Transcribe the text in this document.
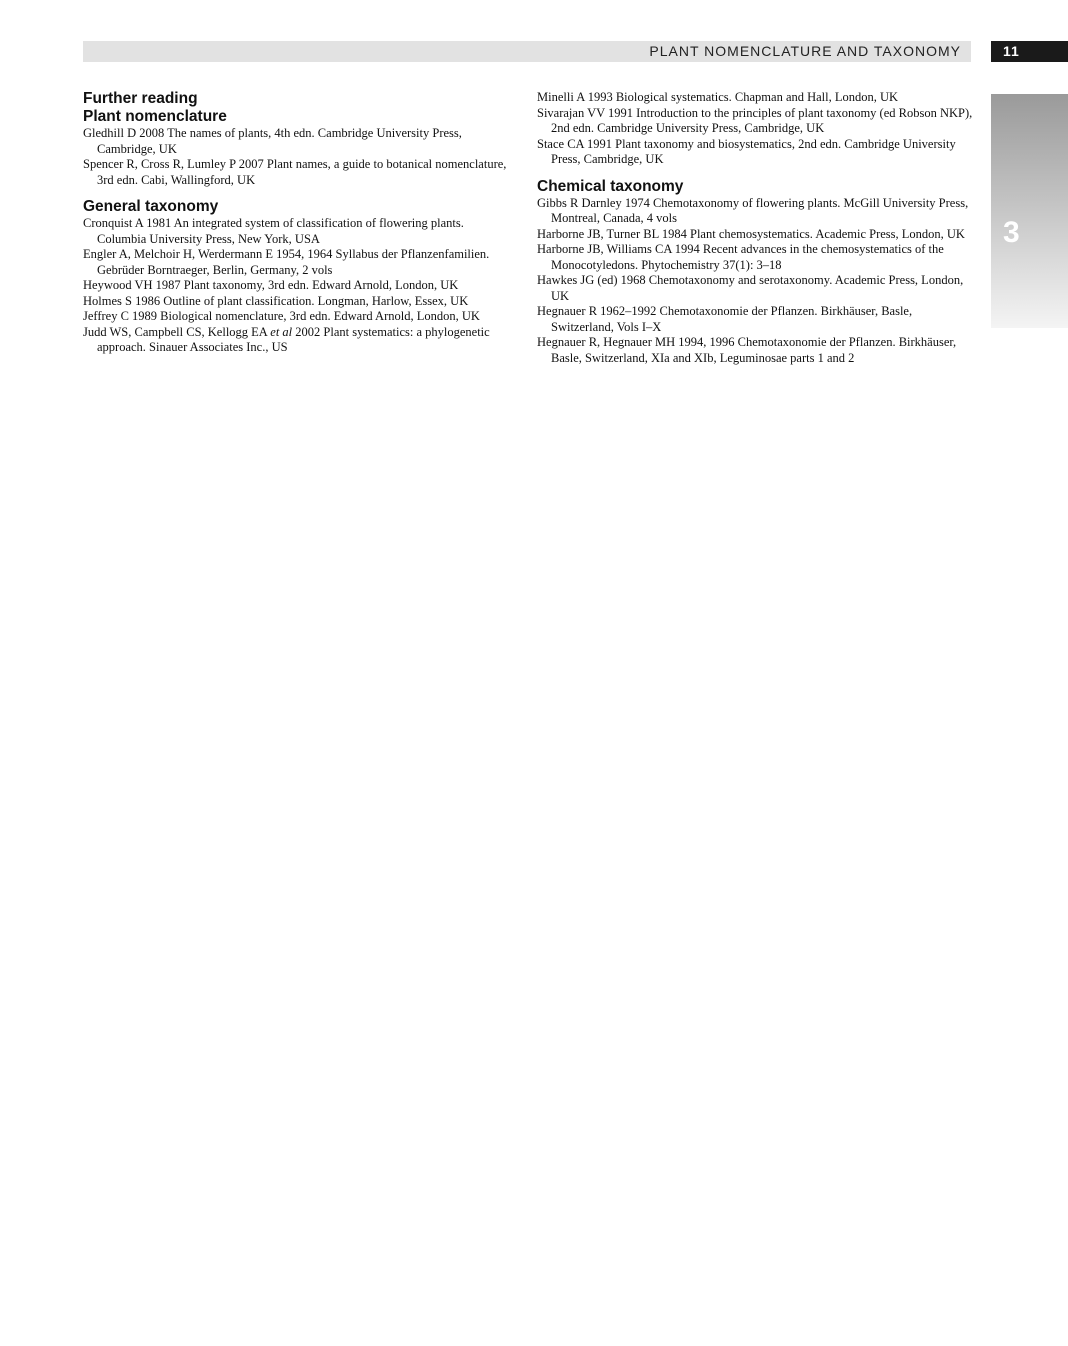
PLANT NOMENCLATURE AND TAXONOMY	11
3
Further reading
Plant nomenclature
Gledhill D 2008 The names of plants, 4th edn. Cambridge University Press, Cambridge, UK
Spencer R, Cross R, Lumley P 2007 Plant names, a guide to botanical nomenclature, 3rd edn. Cabi, Wallingford, UK
General taxonomy
Cronquist A 1981 An integrated system of classification of flowering plants. Columbia University Press, New York, USA
Engler A, Melchoir H, Werdermann E 1954, 1964 Syllabus der Pflanzenfamilien. Gebrüder Borntraeger, Berlin, Germany, 2 vols
Heywood VH 1987 Plant taxonomy, 3rd edn. Edward Arnold, London, UK
Holmes S 1986 Outline of plant classification. Longman, Harlow, Essex, UK
Jeffrey C 1989 Biological nomenclature, 3rd edn. Edward Arnold, London, UK
Judd WS, Campbell CS, Kellogg EA et al 2002 Plant systematics: a phylogenetic approach. Sinauer Associates Inc., US
Minelli A 1993 Biological systematics. Chapman and Hall, London, UK
Sivarajan VV 1991 Introduction to the principles of plant taxonomy (ed Robson NKP), 2nd edn. Cambridge University Press, Cambridge, UK
Stace CA 1991 Plant taxonomy and biosystematics, 2nd edn. Cambridge University Press, Cambridge, UK
Chemical taxonomy
Gibbs R Darnley 1974 Chemotaxonomy of flowering plants. McGill University Press, Montreal, Canada, 4 vols
Harborne JB, Turner BL 1984 Plant chemosystematics. Academic Press, London, UK
Harborne JB, Williams CA 1994 Recent advances in the chemosystematics of the Monocotyledons. Phytochemistry 37(1): 3–18
Hawkes JG (ed) 1968 Chemotaxonomy and serotaxonomy. Academic Press, London, UK
Hegnauer R 1962–1992 Chemotaxonomie der Pflanzen. Birkhäuser, Basle, Switzerland, Vols I–X
Hegnauer R, Hegnauer MH 1994, 1996 Chemotaxonomie der Pflanzen. Birkhäuser, Basle, Switzerland, XIa and XIb, Leguminosae parts 1 and 2
